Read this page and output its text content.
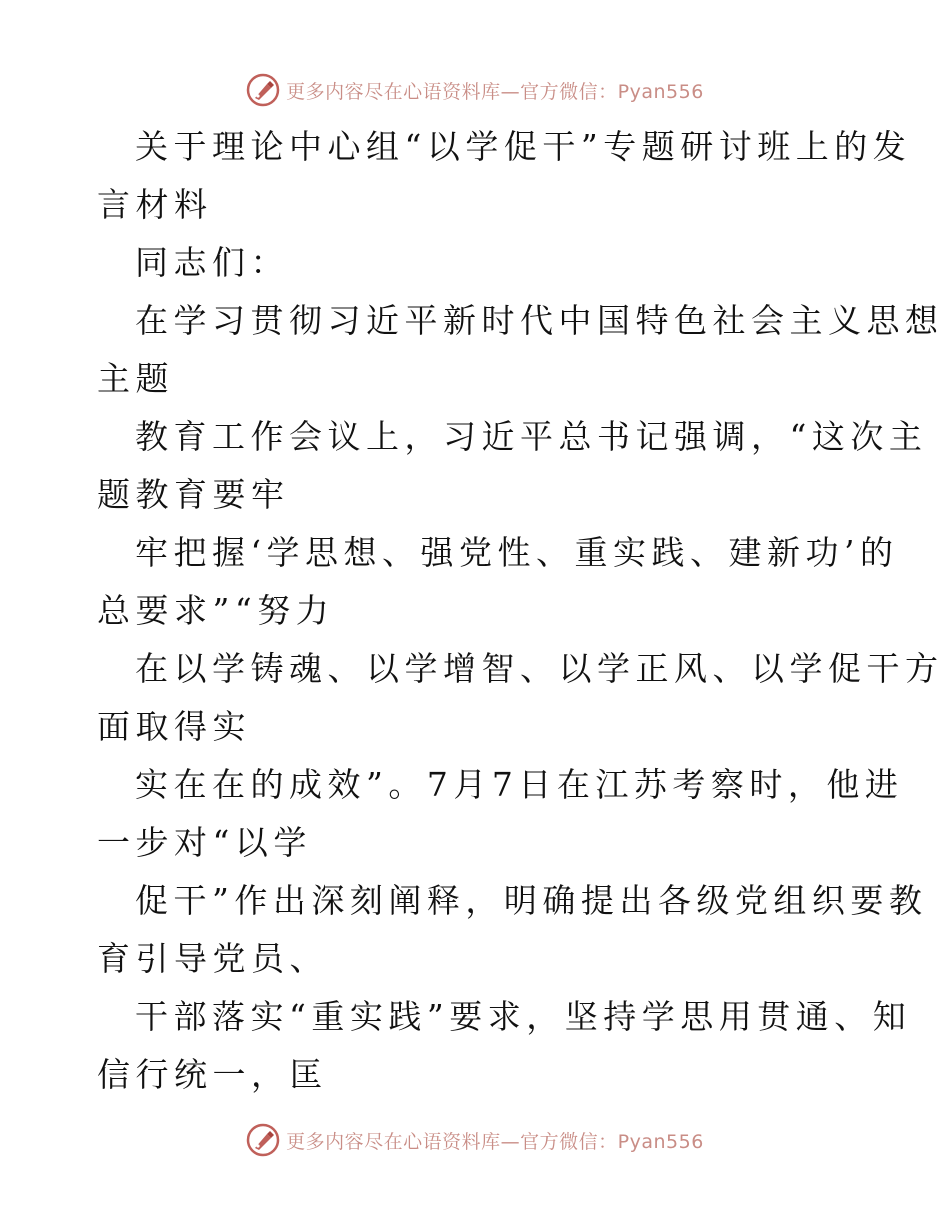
更多内容尽在心语资料库—官方微信：Pyan556
关于理论中心组“以学促干”专题研讨班上的发
言材料
同志们：
在学习贯彻习近平新时代中国特色社会主义思想
主题
教育工作会议上，习近平总书记强调，“这次主
题教育要牢
牢把握‘学思想、强党性、重实践、建新功’的
总要求”“努力
在以学铸魂、以学增智、以学正风、以学促干方
面取得实
实在在的成效”。7月7日在江苏考察时，他进
一步对“以学
促干”作出深刻阐释，明确提出各级党组织要教
育引导党员、
干部落实“重实践”要求，坚持学思用贯通、知
信行统一，匡
更多内容尽在心语资料库—官方微信：Pyan556
